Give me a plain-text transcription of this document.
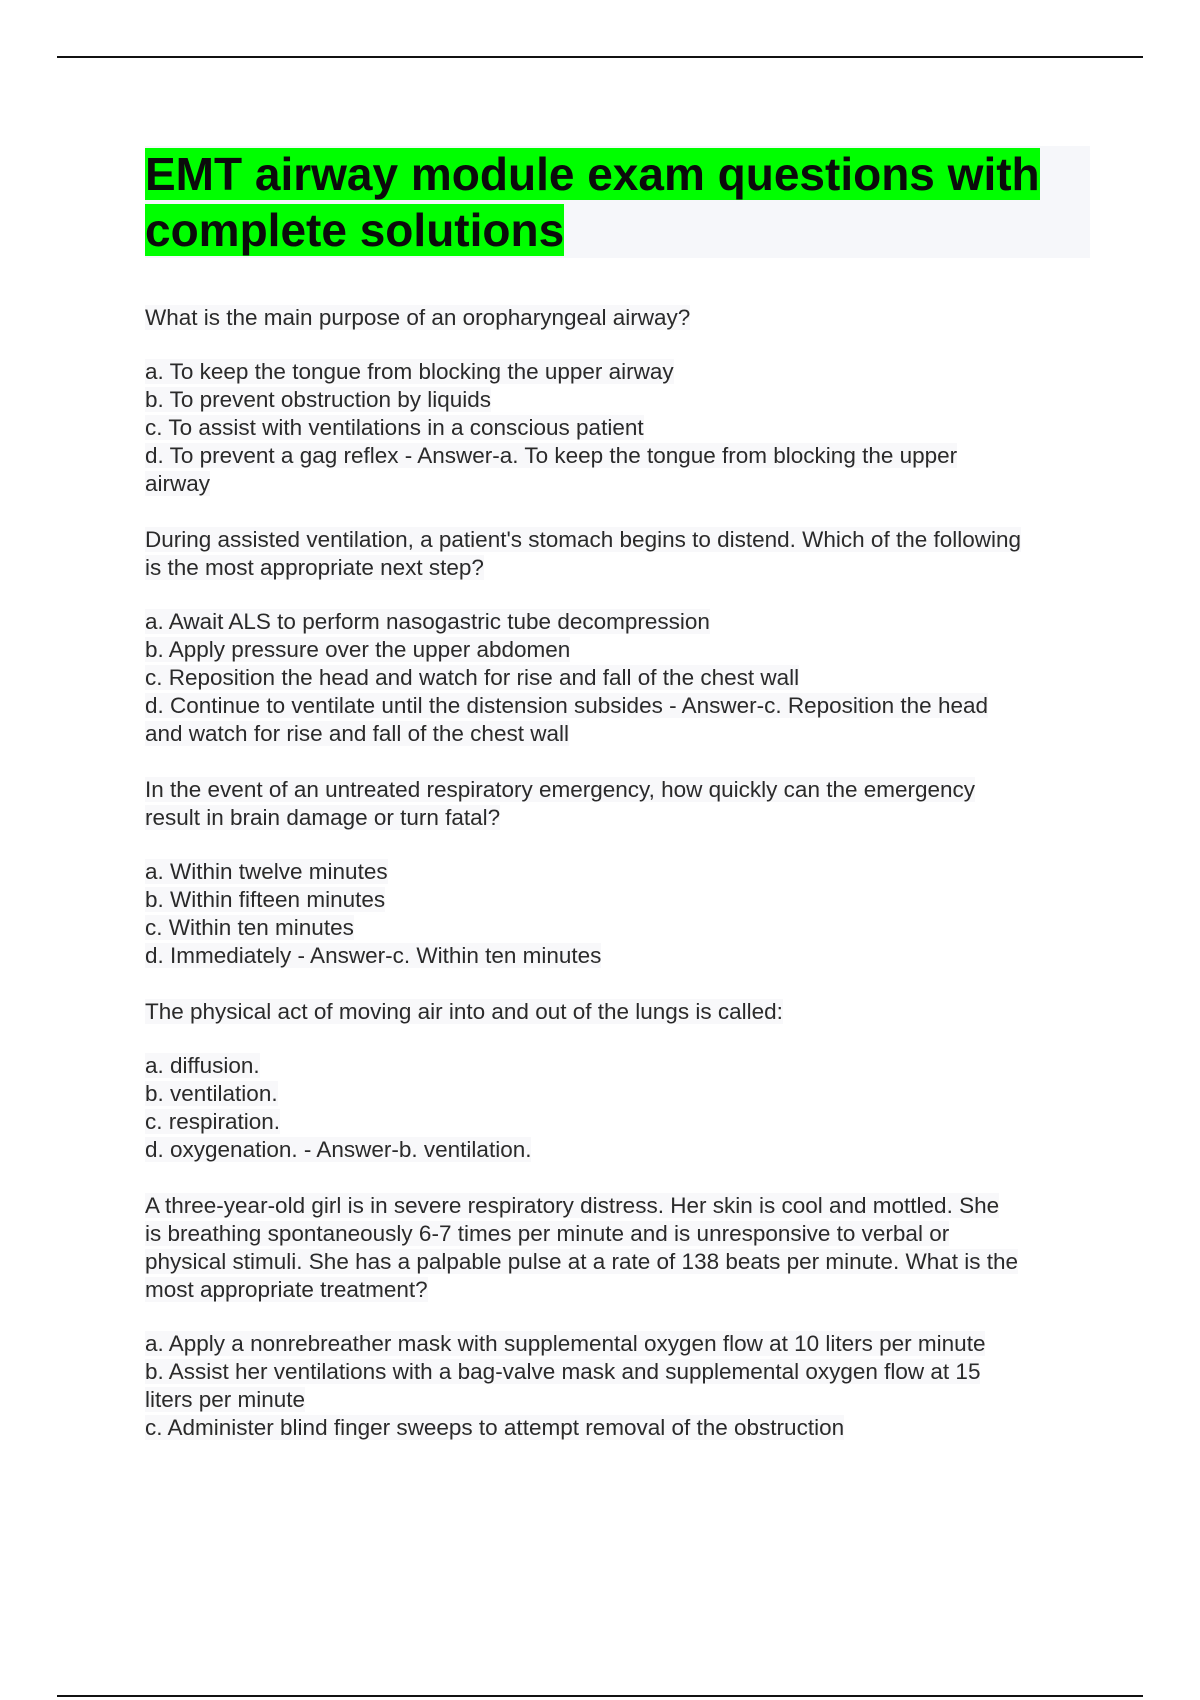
EMT airway module exam questions with
complete solutions
What is the main purpose of an oropharyngeal airway?
a. To keep the tongue from blocking the upper airway
b. To prevent obstruction by liquids
c. To assist with ventilations in a conscious patient
d. To prevent a gag reflex - Answer-a. To keep the tongue from blocking the upper
airway
During assisted ventilation, a patient's stomach begins to distend. Which of the following
is the most appropriate next step?
a. Await ALS to perform nasogastric tube decompression
b. Apply pressure over the upper abdomen
c. Reposition the head and watch for rise and fall of the chest wall
d. Continue to ventilate until the distension subsides - Answer-c. Reposition the head
and watch for rise and fall of the chest wall
In the event of an untreated respiratory emergency, how quickly can the emergency
result in brain damage or turn fatal?
a. Within twelve minutes
b. Within fifteen minutes
c. Within ten minutes
d. Immediately - Answer-c. Within ten minutes
The physical act of moving air into and out of the lungs is called:
a. diffusion.
b. ventilation.
c. respiration.
d. oxygenation. - Answer-b. ventilation.
A three-year-old girl is in severe respiratory distress. Her skin is cool and mottled. She
is breathing spontaneously 6-7 times per minute and is unresponsive to verbal or
physical stimuli. She has a palpable pulse at a rate of 138 beats per minute. What is the
most appropriate treatment?
a. Apply a nonrebreather mask with supplemental oxygen flow at 10 liters per minute
b. Assist her ventilations with a bag-valve mask and supplemental oxygen flow at 15
liters per minute
c. Administer blind finger sweeps to attempt removal of the obstruction
